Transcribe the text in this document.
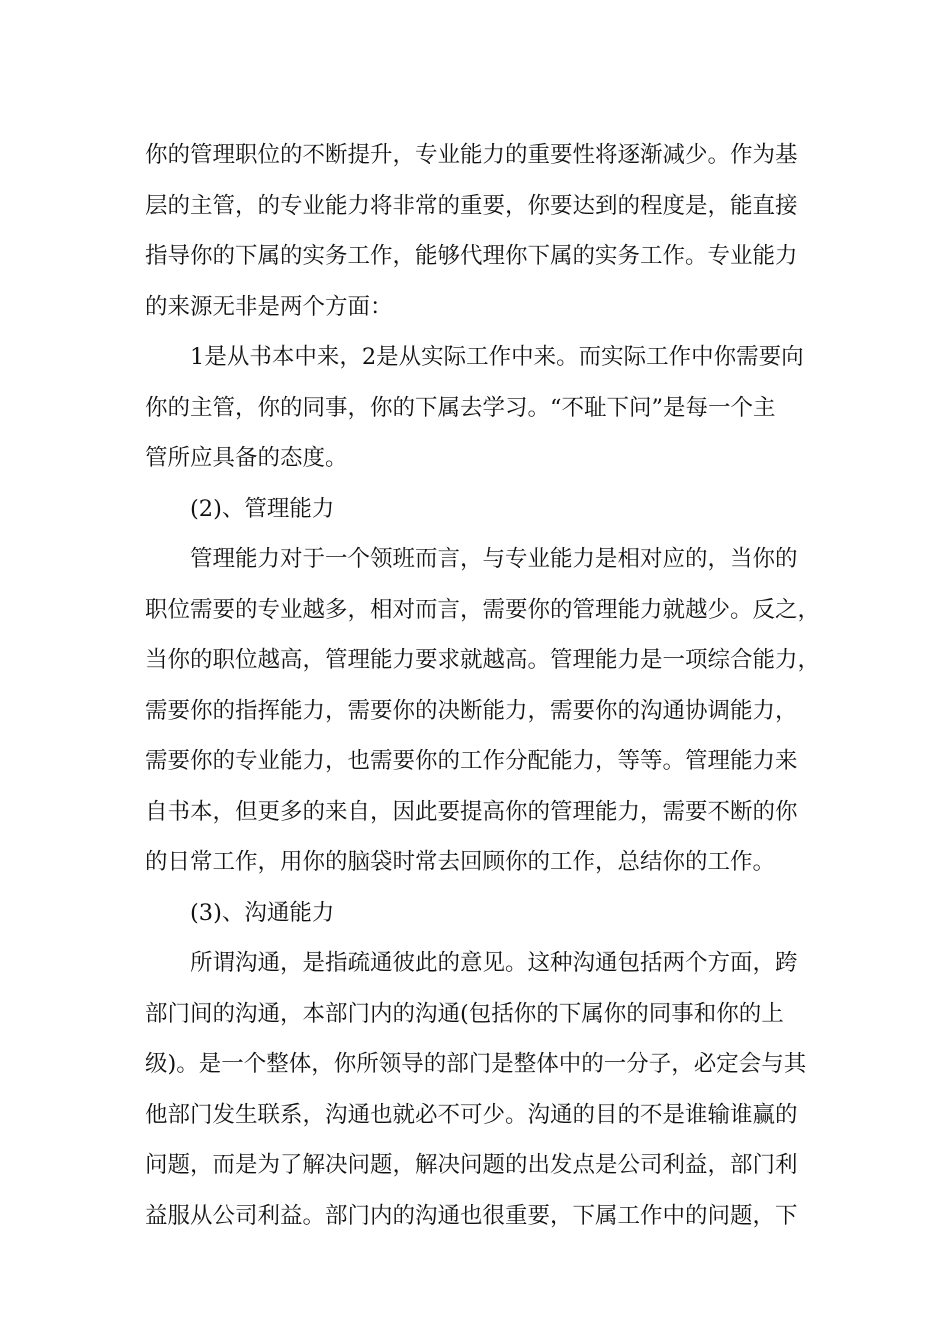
你的管理职位的不断提升，专业能力的重要性将逐渐减少。作为基
层的主管，的专业能力将非常的重要，你要达到的程度是，能直接
指导你的下属的实务工作，能够代理你下属的实务工作。专业能力
的来源无非是两个方面：
1是从书本中来，2是从实际工作中来。而实际工作中你需要向
你的主管，你的同事，你的下属去学习。“不耻下问”是每一个主
管所应具备的态度。
(2)、管理能力
管理能力对于一个领班而言，与专业能力是相对应的，当你的
职位需要的专业越多，相对而言，需要你的管理能力就越少。反之，
当你的职位越高，管理能力要求就越高。管理能力是一项综合能力，
需要你的指挥能力，需要你的决断能力，需要你的沟通协调能力，
需要你的专业能力，也需要你的工作分配能力，等等。管理能力来
自书本，但更多的来自，因此要提高你的管理能力，需要不断的你
的日常工作，用你的脑袋时常去回顾你的工作，总结你的工作。
(3)、沟通能力
所谓沟通，是指疏通彼此的意见。这种沟通包括两个方面，跨
部门间的沟通，本部门内的沟通(包括你的下属你的同事和你的上
级)。是一个整体，你所领导的部门是整体中的一分子，必定会与其
他部门发生联系，沟通也就必不可少。沟通的目的不是谁输谁赢的
问题，而是为了解决问题，解决问题的出发点是公司利益，部门利
益服从公司利益。部门内的沟通也很重要，下属工作中的问题，下
